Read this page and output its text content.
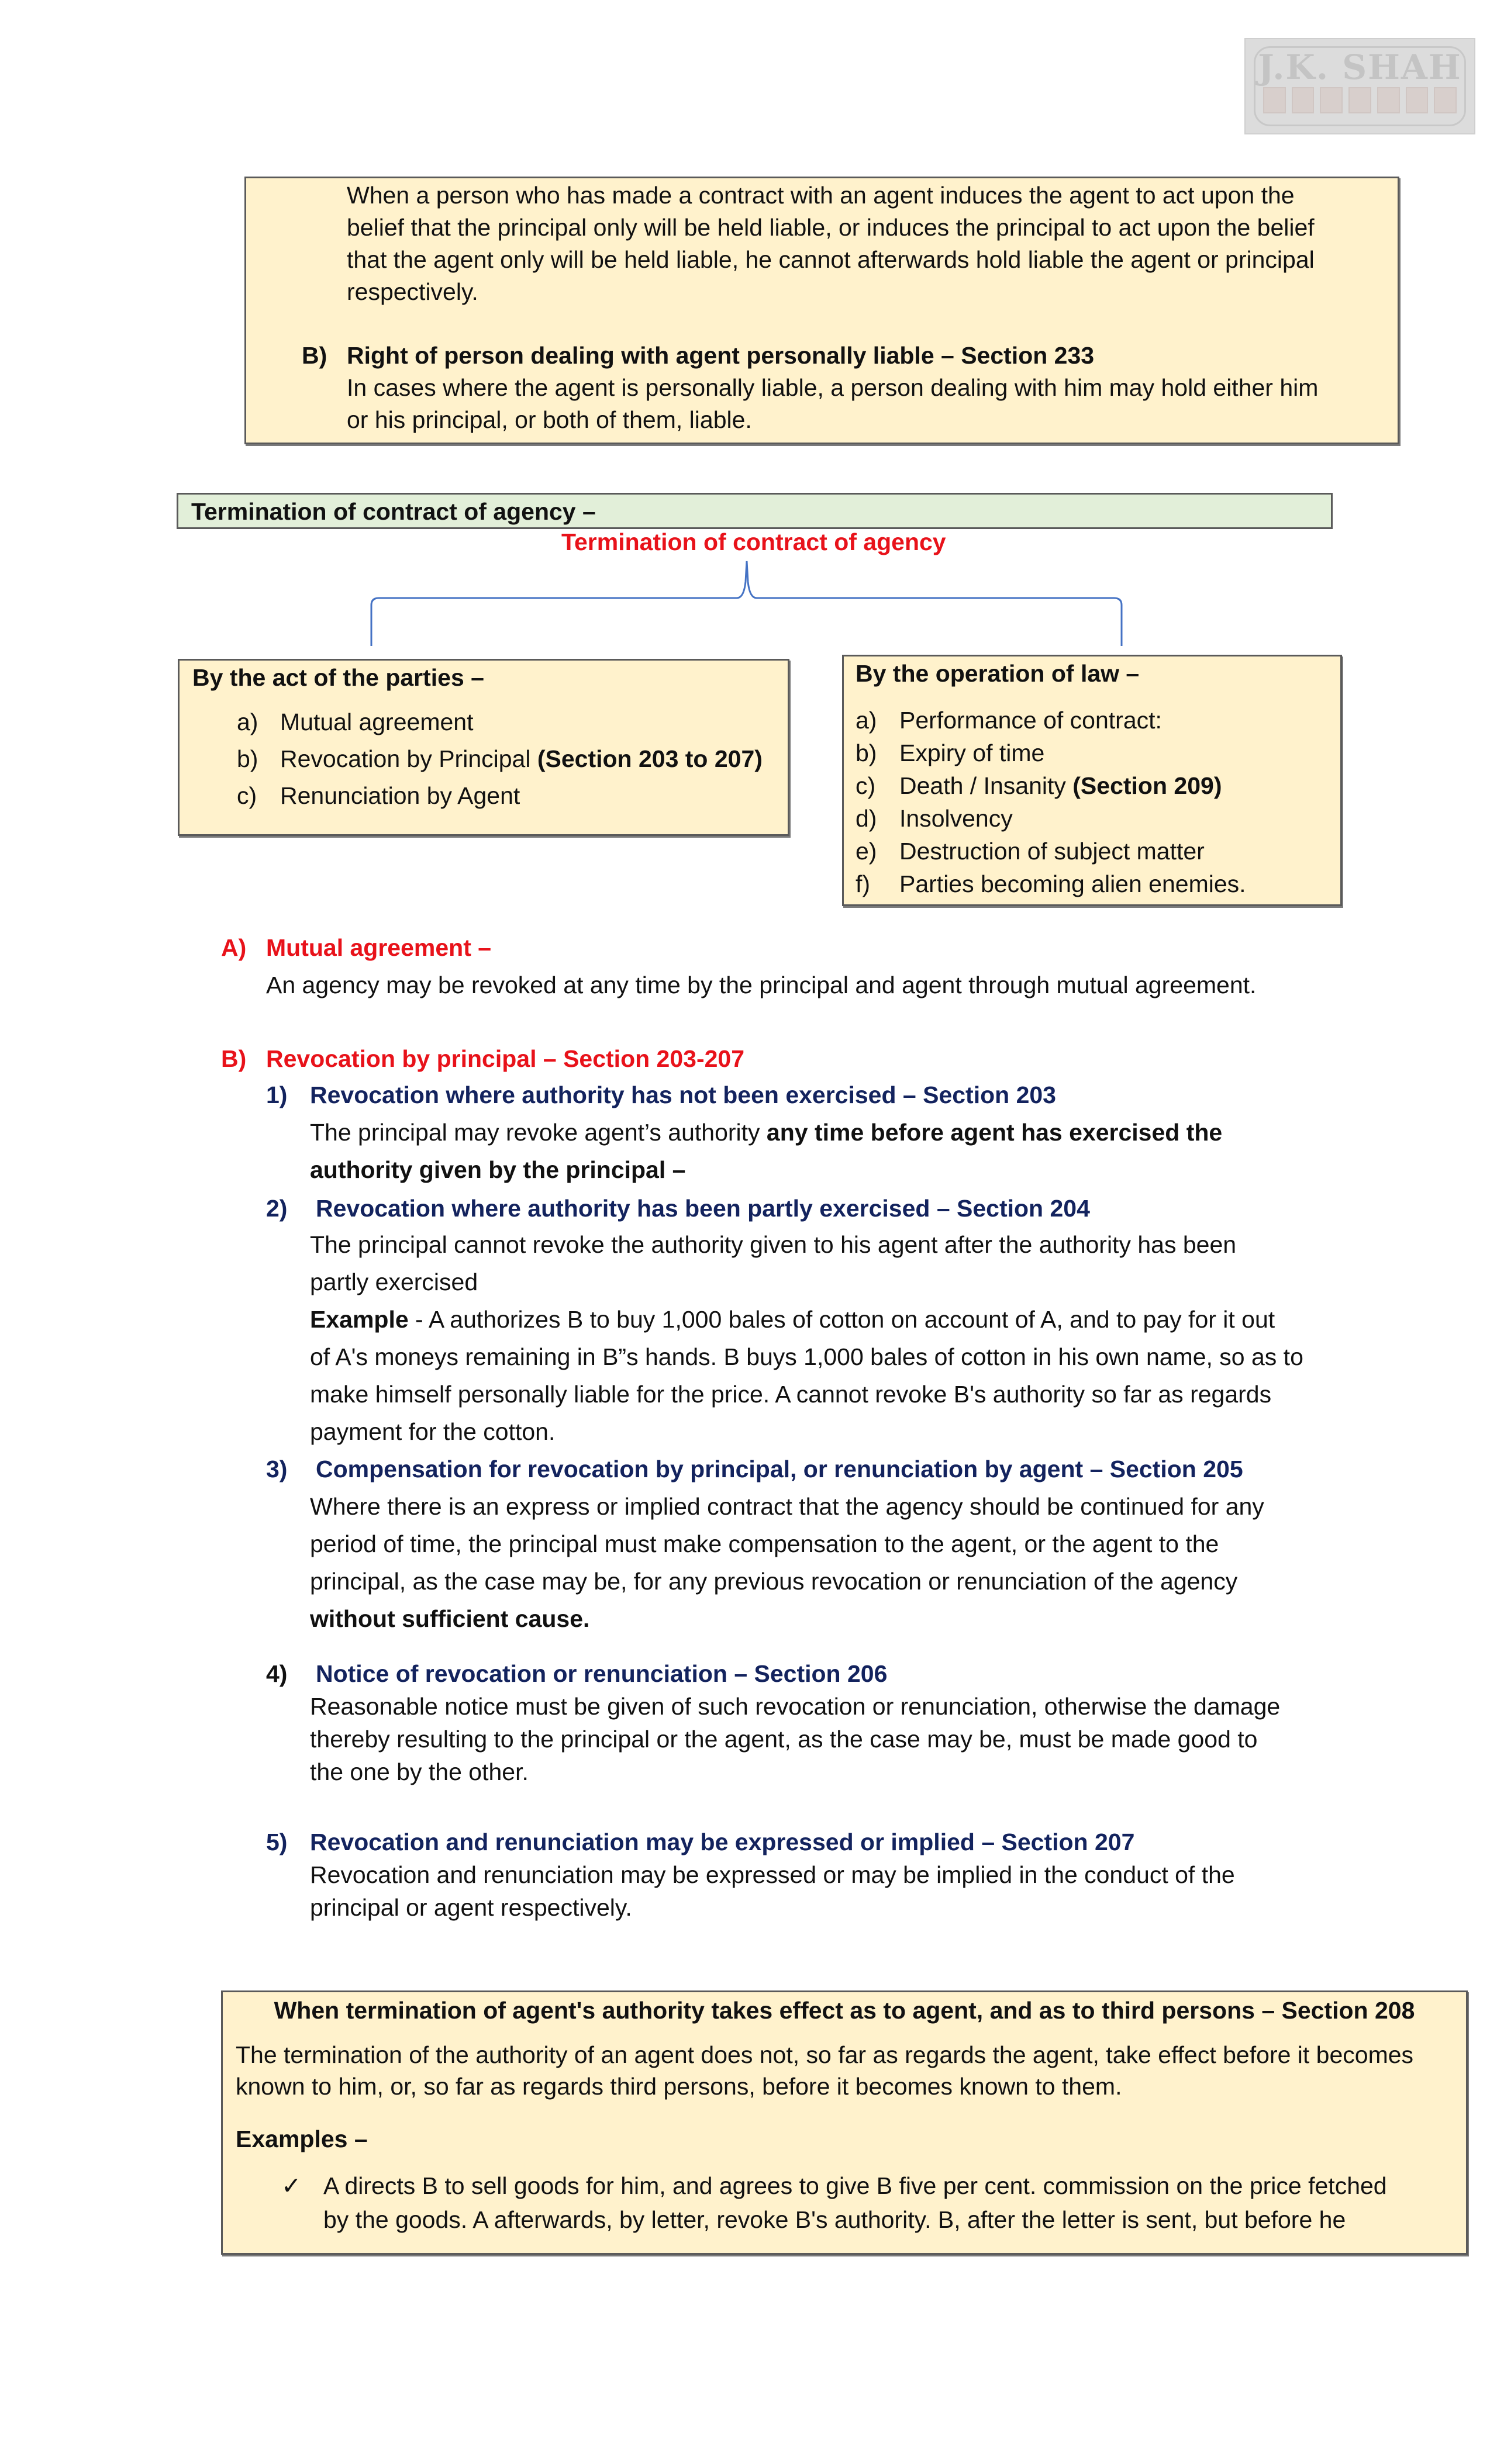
J.K. SHAH
When a person who has made a contract with an agent induces the agent to act upon the
belief that the principal only will be held liable, or induces the principal to act upon the belief
that the agent only will be held liable, he cannot afterwards hold liable the agent or principal
respectively.
B) Right of person dealing with agent personally liable – Section 233
In cases where the agent is personally liable, a person dealing with him may hold either him
or his principal, or both of them, liable.
Termination of contract of agency –
Termination of contract of agency
By the act of the parties –
a) Mutual agreement
b) Revocation by Principal (Section 203 to 207)
c) Renunciation by Agent
By the operation of law –
a) Performance of contract:
b) Expiry of time
c) Death / Insanity (Section 209)
d) Insolvency
e) Destruction of subject matter
f) Parties becoming alien enemies.
A) Mutual agreement –
An agency may be revoked at any time by the principal and agent through mutual agreement.
B) Revocation by principal – Section 203-207
1) Revocation where authority has not been exercised – Section 203
The principal may revoke agent’s authority any time before agent has exercised the
authority given by the principal –
2) Revocation where authority has been partly exercised – Section 204
The principal cannot revoke the authority given to his agent after the authority has been
partly exercised
Example - A authorizes B to buy 1,000 bales of cotton on account of A, and to pay for it out
of A's moneys remaining in B”s hands. B buys 1,000 bales of cotton in his own name, so as to
make himself personally liable for the price. A cannot revoke B's authority so far as regards
payment for the cotton.
3) Compensation for revocation by principal, or renunciation by agent – Section 205
Where there is an express or implied contract that the agency should be continued for any
period of time, the principal must make compensation to the agent, or the agent to the
principal, as the case may be, for any previous revocation or renunciation of the agency
without sufficient cause.
4) Notice of revocation or renunciation – Section 206
Reasonable notice must be given of such revocation or renunciation, otherwise the damage
thereby resulting to the principal or the agent, as the case may be, must be made good to
the one by the other.
5) Revocation and renunciation may be expressed or implied – Section 207
Revocation and renunciation may be expressed or may be implied in the conduct of the
principal or agent respectively.
When termination of agent's authority takes effect as to agent, and as to third persons – Section 208
The termination of the authority of an agent does not, so far as regards the agent, take effect before it becomes
known to him, or, so far as regards third persons, before it becomes known to them.
Examples –
✓ A directs B to sell goods for him, and agrees to give B five per cent. commission on the price fetched
by the goods. A afterwards, by letter, revoke B's authority. B, after the letter is sent, but before he
